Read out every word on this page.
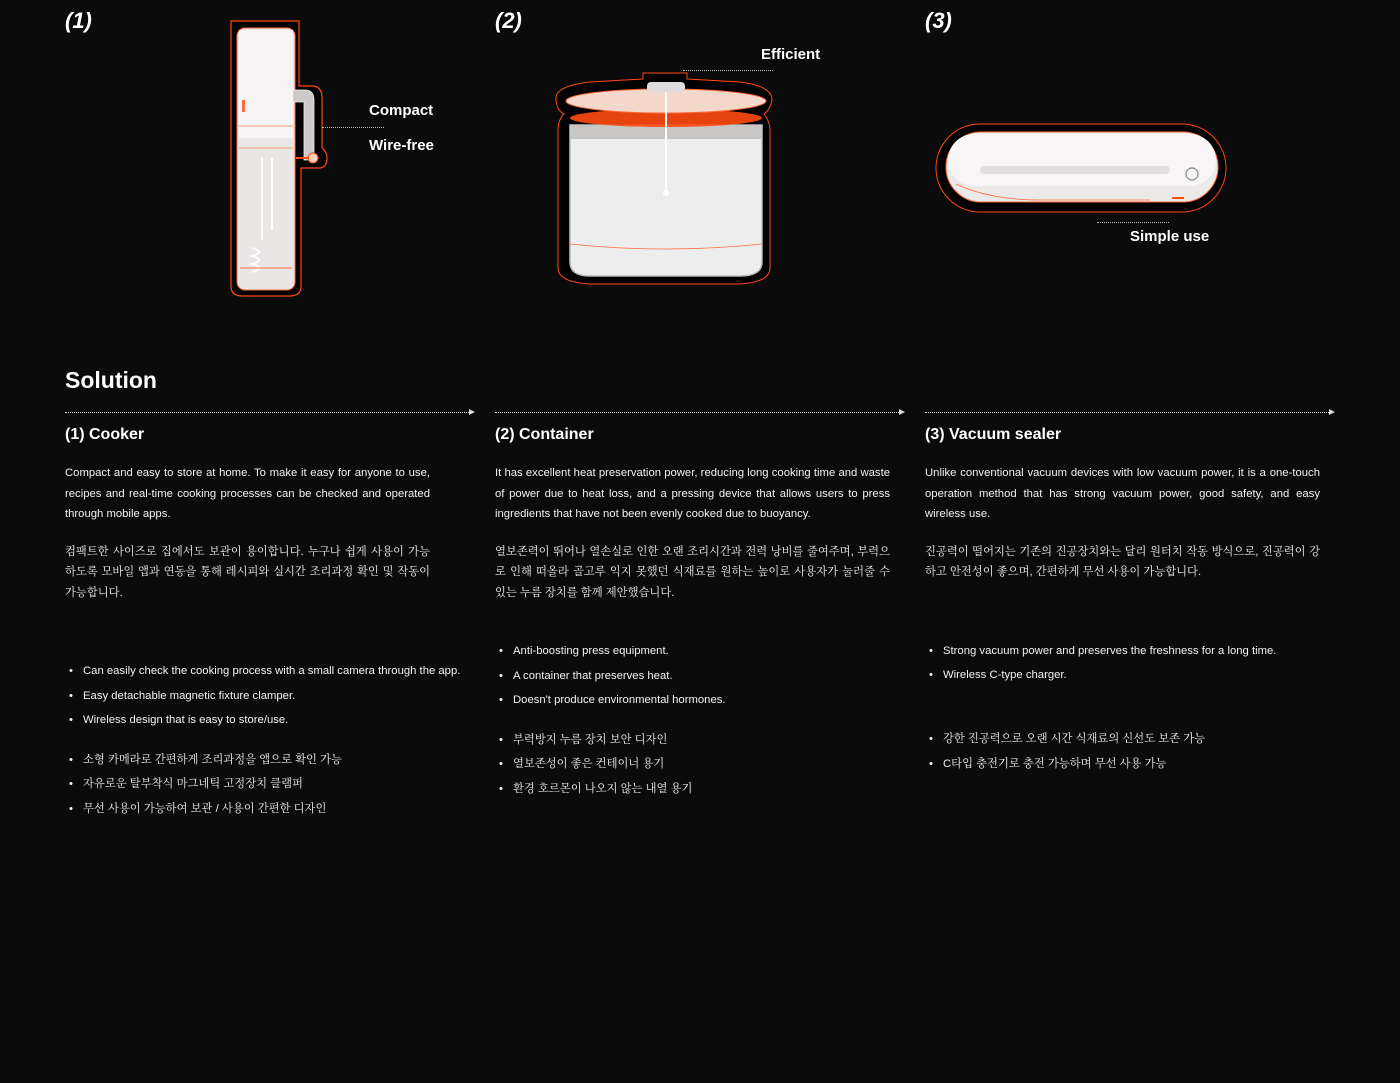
(1)	(2)	(3)
Compact
Wire-free
Efficient
Simple use
Solution
(1) Cooker

Compact and easy to store at home. To make it easy for anyone to use, recipes and real-time cooking processes can be checked and operated through mobile apps.

컴팩트한 사이즈로 집에서도 보관이 용이합니다. 누구나 쉽게 사용이 가능하도록 모바일 앱과 연동을 통해 레시피와 실시간 조리과정 확인 및 작동이 가능합니다.

• Can easily check the cooking process with a small camera through the app.
• Easy detachable magnetic fixture clamper.
• Wireless design that is easy to store/use.
• 소형 카메라로 간편하게 조리과정을 앱으로 확인 가능
• 자유로운 탈부착식 마그네틱 고정장치 클램퍼
• 무선 사용이 가능하여 보관 / 사용이 간편한 디자인
(2) Container

It has excellent heat preservation power, reducing long cooking time and waste of power due to heat loss, and a pressing device that allows users to press ingredients that have not been evenly cooked due to buoyancy.

열보존력이 뛰어나 열손실로 인한 오랜 조리시간과 전력 낭비를 줄여주며, 부력으로 인해 떠올라 골고루 익지 못했던 식재료를 원하는 높이로 사용자가 눌러줄 수 있는 누름 장치를 함께 제안했습니다.

• Anti-boosting press equipment.
• A container that preserves heat.
• Doesn't produce environmental hormones.
• 부력방지 누름 장치 보안 디자인
• 열보존성이 좋은 컨테이너 용기
• 환경 호르몬이 나오지 않는 내열 용기
(3) Vacuum sealer

Unlike conventional vacuum devices with low vacuum power, it is a one-touch operation method that has strong vacuum power, good safety, and easy wireless use.

진공력이 떨어지는 기존의 진공장치와는 달리 원터치 작동 방식으로, 진공력이 강하고 안전성이 좋으며, 간편하게 무선 사용이 가능합니다.

• Strong vacuum power and preserves the freshness for a long time.
• Wireless C-type charger.
• 강한 진공력으로 오랜 시간 식재료의 신선도 보존 가능
• C타입 충전기로 충전 가능하며 무선 사용 가능
